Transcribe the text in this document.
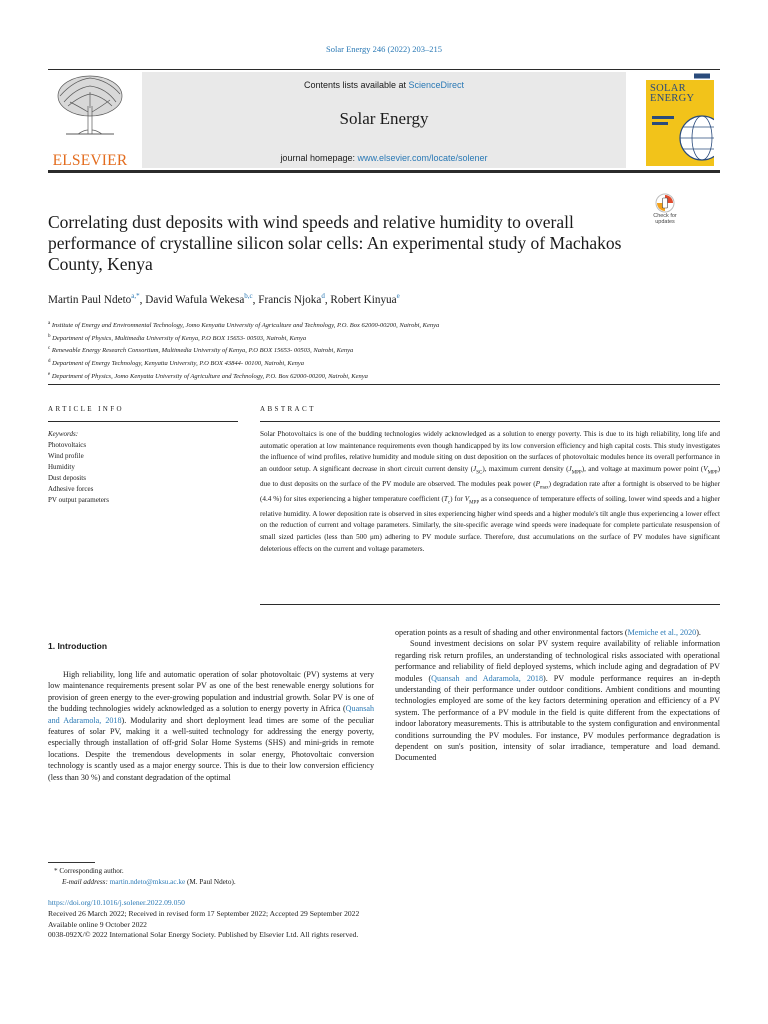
Solar Energy 246 (2022) 203–215
ELSEVIER
Contents lists available at ScienceDirect
Solar Energy
journal homepage: www.elsevier.com/locate/solener
SOLAR
ENERGY
Check for
updates
Correlating dust deposits with wind speeds and relative humidity to overall performance of crystalline silicon solar cells: An experimental study of Machakos County, Kenya
Martin Paul Ndeto$^{a,*}$, David Wafula Wekesa$^{b,c}$, Francis Njoka$^d$, Robert Kinyua$^e$
$^a$ Institute of Energy and Environmental Technology, Jomo Kenyatta University of Agriculture and Technology, P.O. Box 62000-00200, Nairobi, Kenya
$^b$ Department of Physics, Multimedia University of Kenya, P.O BOX 15653- 00503, Nairobi, Kenya
$^c$ Renewable Energy Research Consortium, Multimedia University of Kenya, P.O BOX 15653- 00503, Nairobi, Kenya
$^d$ Department of Energy Technology, Kenyatta University, P.O BOX 43844- 00100, Nairobi, Kenya
$^e$ Department of Physics, Jomo Kenyatta University of Agriculture and Technology, P.O. Box 62000-00200, Nairobi, Kenya
ARTICLE INFO	ABSTRACT
Keywords:
Photovoltaics
Wind profile
Humidity
Dust deposits
Adhesive forces
PV output parameters
Solar Photovoltaics is one of the budding technologies widely acknowledged as a solution to energy poverty. This is due to its high reliability, long life and automatic operation at low maintenance requirements even though handicapped by its low conversion efficiency and high capital costs. This study investigates the influence of wind profiles, relative humidity and module siting on dust deposition on the surfaces of photovoltaic modules hence its overall performance in an outdoor setup. A significant decrease in short circuit current density $(J_{SC})$, maximum current density $(J_{MPP})$, and voltage at maximum power point $(V_{MPP})$ due to dust deposits on the surface of the PV module are observed. The modules peak power $(P_{max})$ degradation rate after a fortnight is observed to be higher (4.4 %) for sites experiencing a higher temperature coefficient $(T_c)$ for $V_{MPP}$ as a consequence of temperature effects of soiling, lower wind speeds and a higher relative humidity. A lower deposition rate is observed in sites experiencing higher wind speeds and a higher module's tilt angle thus experiencing a lower effect on the reduction of current and voltage parameters. Similarly, the site-specific average wind speeds were inadequate for complete particulate resuspension of small sized particles (less than 500 μm) adhering to PV module surface. Therefore, dust accumulations on the surface of PV modules have significant deleterious effects on the current and voltage parameters.
1. Introduction

High reliability, long life and automatic operation of solar photovoltaic (PV) systems at very low maintenance requirements present solar PV as one of the best renewable energy solutions for provision of green energy to the ever-growing population and industrial growth. Solar PV is one of the budding technologies widely acknowledged as a solution to energy poverty in Africa (Quansah and Adaramola, 2018). Modularity and short deployment lead times are some of the peculiar features of solar PV, making it a well-suited technology for addressing the energy poverty, especially through installation of off-grid Solar Home Systems (SHS) and mini-grids in remote locations. Despite the tremendous developments in solar energy, Photovoltaic conversion technology is scantly used as a major energy source. This is due to their low conversion efficiency (less than 30 %) and constant degradation of the optimal

operation points as a result of shading and other environmental factors (Memiche et al., 2020).

Sound investment decisions on solar PV system require availability of reliable information regarding risk return profiles, an understanding of technological risks associated with operational performance and reliability of field deployed systems, which include aging and degradation of PV modules (Quansah and Adaramola, 2018). PV module performance requires an in-depth understanding of their performance under outdoor conditions. Ambient conditions and mounting technologies employed are some of the key factors determining operation and efficiency of a PV system. The performance of a PV module in the field is quite different from the expectations of indoor laboratory measurements. This is attributable to the system configuration and environmental conditions surrounding the PV modules. For instance, PV modules performance degradation is dependent on sun's position, intensity of solar irradiance, temperature and load demand. Documented

* Corresponding author.
E-mail address: martin.ndeto@mksu.ac.ke (M. Paul Ndeto).
https://doi.org/10.1016/j.solener.2022.09.050
Received 26 March 2022; Received in revised form 17 September 2022; Accepted 29 September 2022
Available online 9 October 2022
0038-092X/© 2022 International Solar Energy Society. Published by Elsevier Ltd. All rights reserved.
